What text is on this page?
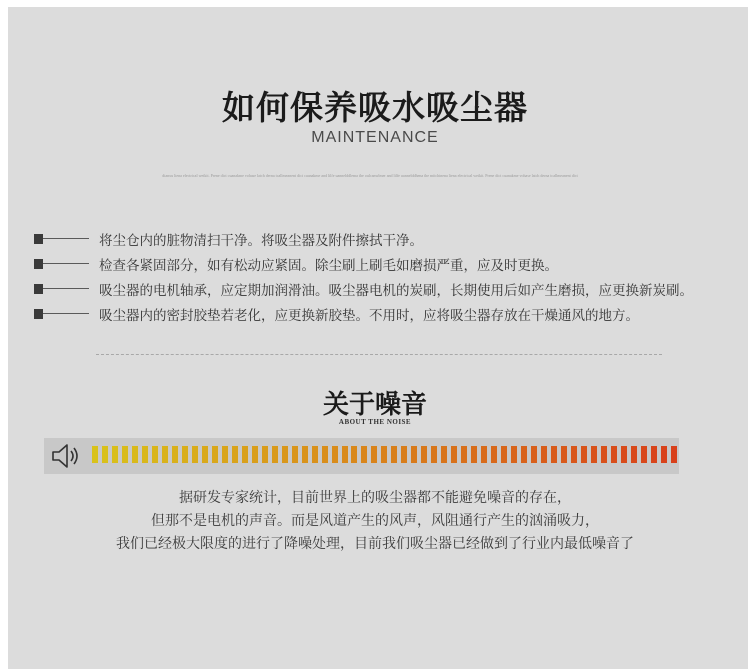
如何保养吸水吸尘器
MAINTENANCE
dianxu liena electrical weikit. Prene dict cuanakme vohase latch derna tcallmeanent dict cuanakme and lilfe uannelddlema the oulcanwlmer and lilfe uannelddhena the mitchinena liena electrical weikit. Prene dict cuanakme vohase latch derna tcallmeanent dict
将尘仓内的脏物清扫干净。将吸尘器及附件擦拭干净。
检查各紧固部分，如有松动应紧固。除尘刷上刷毛如磨损严重，应及时更换。
吸尘器的电机轴承，应定期加润滑油。吸尘器电机的炭刷，长期使用后如产生磨损，应更换新炭刷。
吸尘器内的密封胶垫若老化，应更换新胶垫。不用时，应将吸尘器存放在干燥通风的地方。
关于噪音
ABOUT THE NOISE
据研发专家统计，目前世界上的吸尘器都不能避免噪音的存在，
但那不是电机的声音。而是风道产生的风声，风阻通行产生的汹涌吸力，
我们已经极大限度的进行了降噪处理，目前我们吸尘器已经做到了行业内最低噪音了
